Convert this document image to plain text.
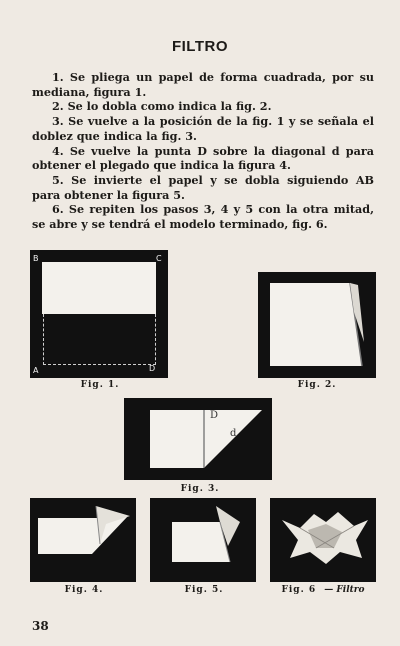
FILTRO

1. Se pliega un papel de forma cuadrada, por su mediana, figura 1.

2. Se lo dobla como indica la fig. 2.

3. Se vuelve a la posición de la fig. 1 y se señala el doblez que indica la fig. 3.

4. Se vuelve la punta D sobre la diagonal d para obtener el plegado que indica la figura 4.

5. Se invierte el papel y se dobla siguiendo AB para obtener la figura 5.

6. Se repiten los pasos 3, 4 y 5 con la otra mitad, se abre y se tendrá el modelo terminado, fig. 6.

B	C
A	D
Fig. 1.	Fig. 2.
D
d
Fig. 3.
Fig. 4.	Fig. 5.	Fig. 6 — Filtro
38
